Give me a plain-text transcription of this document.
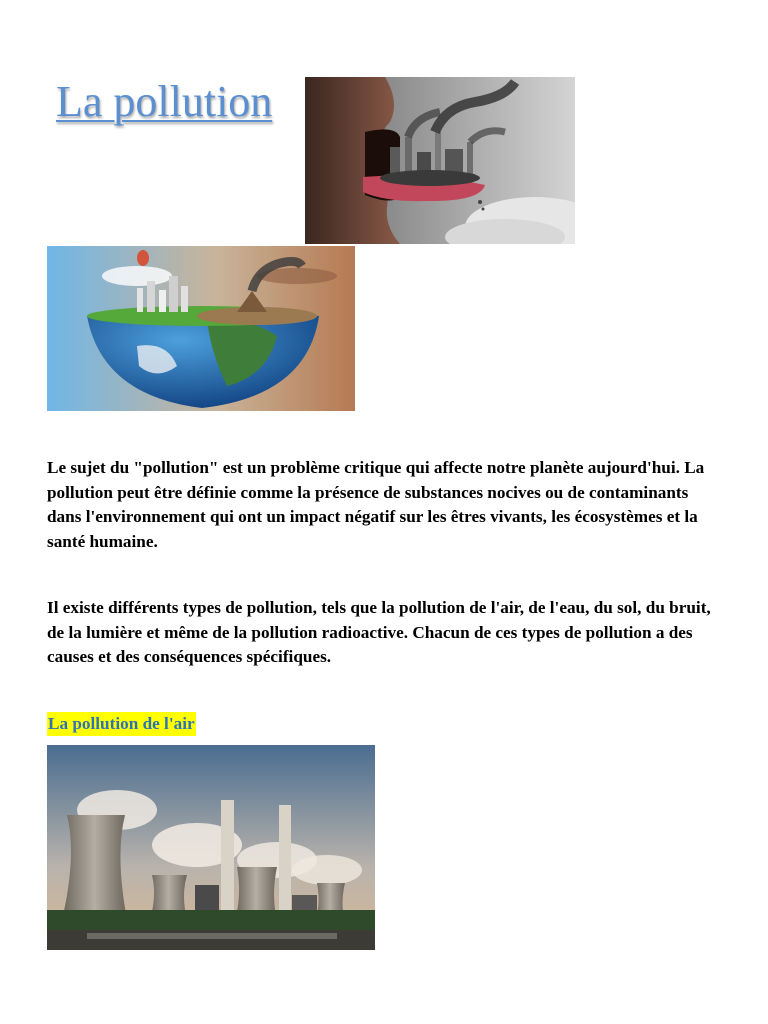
La pollution

Le sujet du "pollution" est un problème critique qui affecte notre planète aujourd'hui. La pollution peut être définie comme la présence de substances nocives ou de contaminants dans l'environnement qui ont un impact négatif sur les êtres vivants, les écosystèmes et la santé humaine.

Il existe différents types de pollution, tels que la pollution de l'air, de l'eau, du sol, du bruit, de la lumière et même de la pollution radioactive. Chacun de ces types de pollution a des causes et des conséquences spécifiques.

La pollution de l'air
